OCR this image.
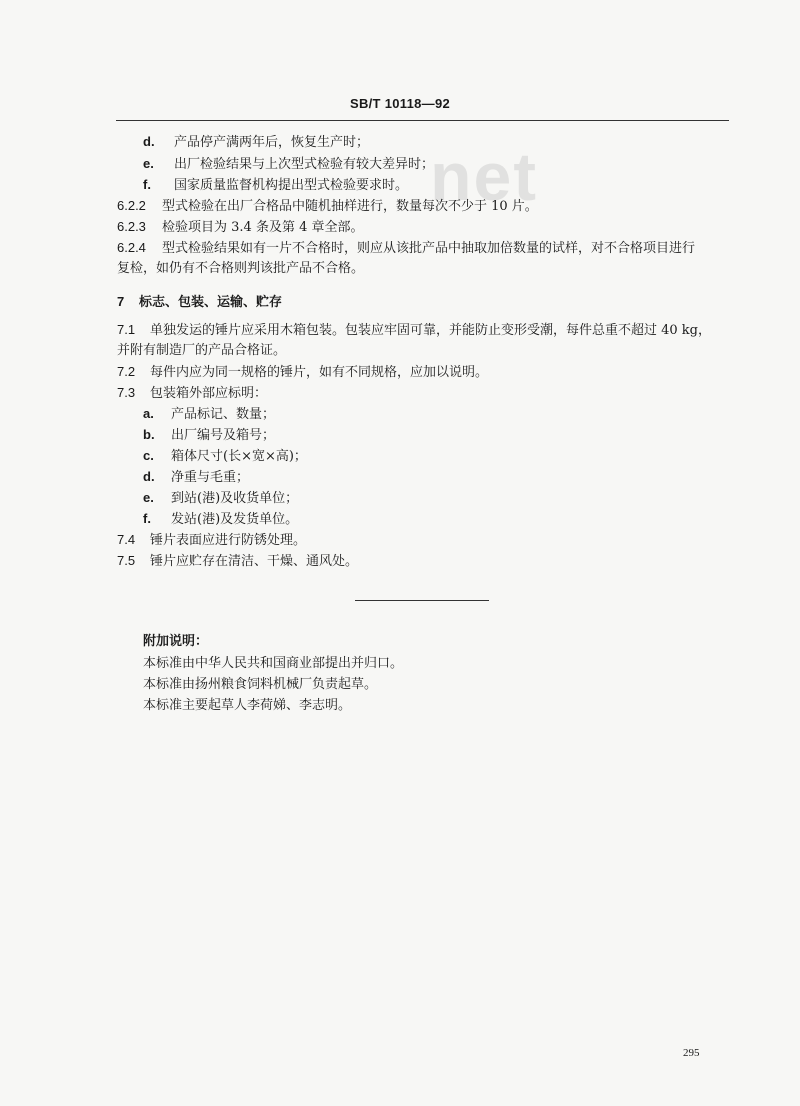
SB/T 10118—92
net
d. 产品停产满两年后，恢复生产时；
e. 出厂检验结果与上次型式检验有较大差异时；
f. 国家质量监督机构提出型式检验要求时。
6.2.2 型式检验在出厂合格品中随机抽样进行，数量每次不少于 10 片。
6.2.3 检验项目为 3.4 条及第 4 章全部。
6.2.4 型式检验结果如有一片不合格时，则应从该批产品中抽取加倍数量的试样，对不合格项目进行
复检，如仍有不合格则判该批产品不合格。
7 标志、包装、运输、贮存
7.1 单独发运的锤片应采用木箱包装。包装应牢固可靠，并能防止变形受潮，每件总重不超过 40 kg，
并附有制造厂的产品合格证。
7.2 每件内应为同一规格的锤片，如有不同规格，应加以说明。
7.3 包装箱外部应标明：
a. 产品标记、数量；
b. 出厂编号及箱号；
c. 箱体尺寸(长×宽×高)；
d. 净重与毛重；
e. 到站(港)及收货单位；
f. 发站(港)及发货单位。
7.4 锤片表面应进行防锈处理。
7.5 锤片应贮存在清洁、干燥、通风处。
附加说明：
本标准由中华人民共和国商业部提出并归口。
本标准由扬州粮食饲料机械厂负责起草。
本标准主要起草人李荷娣、李志明。
295
